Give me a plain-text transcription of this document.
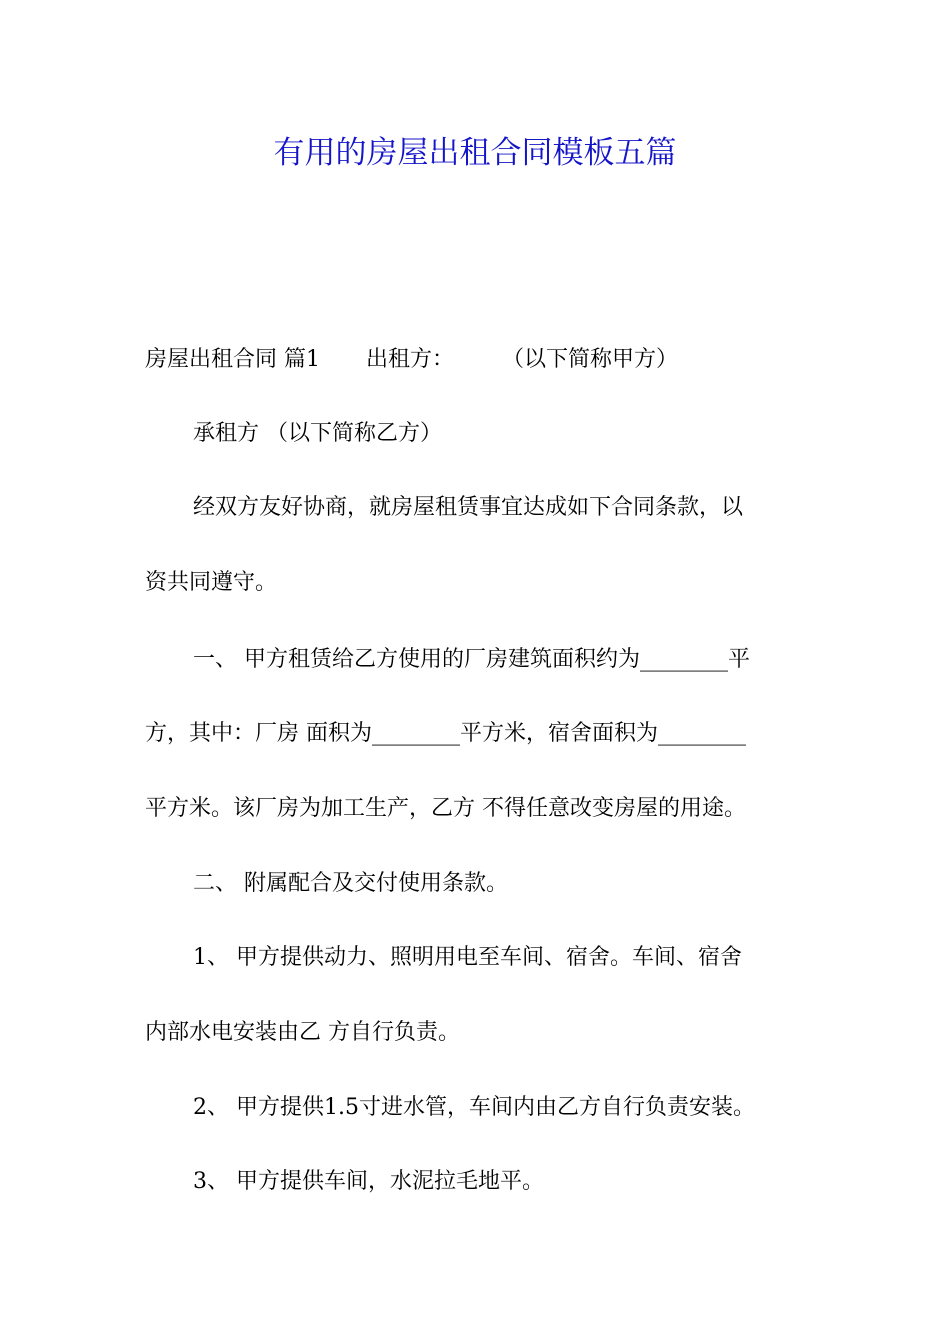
有用的房屋出租合同模板五篇
房屋出租合同 篇1 出租方： （以下简称甲方）
承租方 （以下简称乙方）
经双方友好协商，就房屋租赁事宜达成如下合同条款，以
资共同遵守。
一、 甲方租赁给乙方使用的厂房建筑面积约为________平
方，其中：厂房 面积为________平方米，宿舍面积为________
平方米。该厂房为加工生产，乙方 不得任意改变房屋的用途。
二、 附属配合及交付使用条款。
1、 甲方提供动力、照明用电至车间、宿舍。车间、宿舍
内部水电安装由乙 方自行负责。
2、 甲方提供1.5寸进水管，车间内由乙方自行负责安装。
3、 甲方提供车间，水泥拉毛地平。
